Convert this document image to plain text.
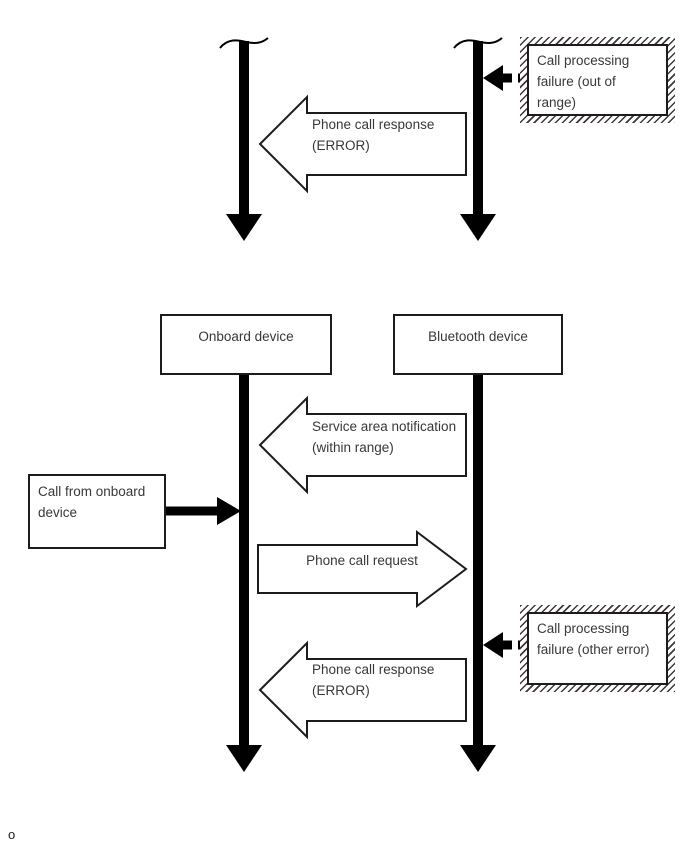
Call processing
failure (out of range)
Phone call response
(ERROR)
Onboard device	Bluetooth device
Service area notification
(within range)
Call from onboard
device
Phone call request
Call processing
failure (other error)
Phone call response
(ERROR)
o
